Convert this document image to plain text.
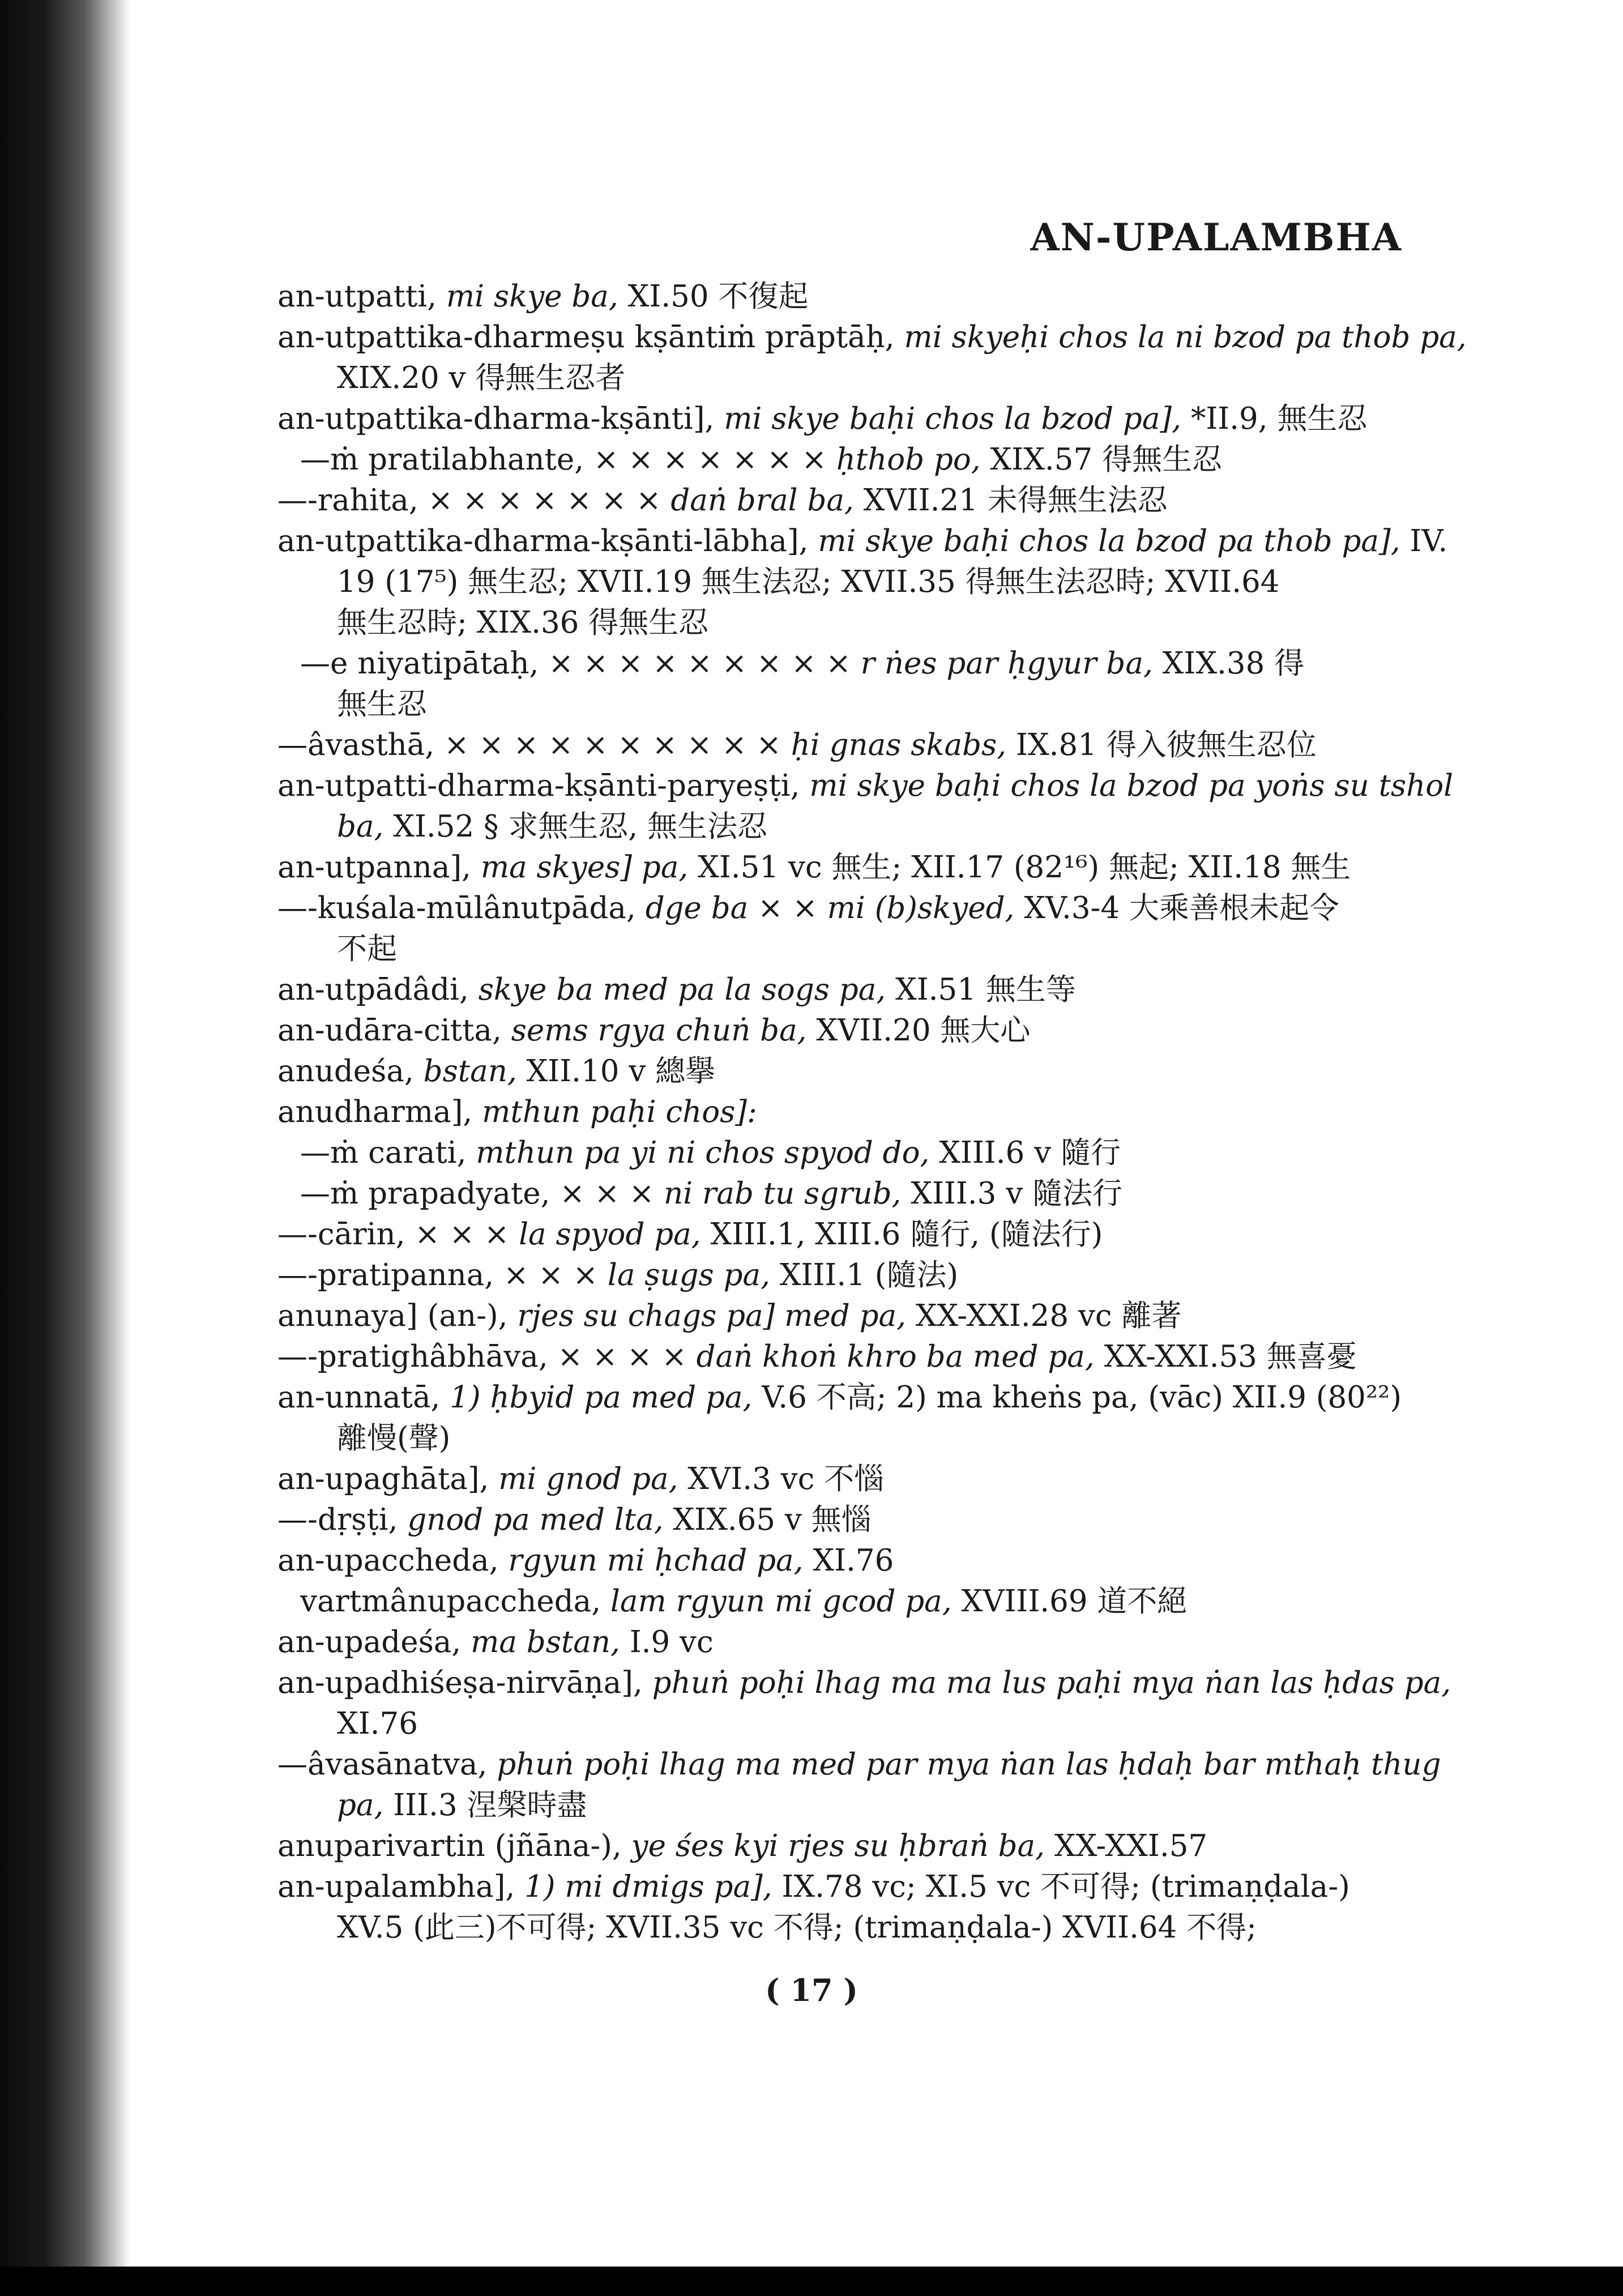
AN-UPALAMBHA
an-utpatti, mi skye ba, XI.50 不復起
an-utpattika-dharmeṣu kṣāntiṁ prāptāḥ, mi skyeḥi chos la ni bzod pa thob pa,
XIX.20 v 得無生忍者
an-utpattika-dharma-kṣānti], mi skye baḥi chos la bzod pa], *II.9, 無生忍
—ṁ pratilabhante, × × × × × × × ḥthob po, XIX.57 得無生忍
—-rahita, × × × × × × × daṅ bral ba, XVII.21 未得無生法忍
an-utpattika-dharma-kṣānti-lābha], mi skye baḥi chos la bzod pa thob pa], IV.
19 (17⁵) 無生忍; XVII.19 無生法忍; XVII.35 得無生法忍時; XVII.64
無生忍時; XIX.36 得無生忍
—e niyatipātaḥ, × × × × × × × × × r ṅes par ḥgyur ba, XIX.38 得
無生忍
—âvasthā, × × × × × × × × × × ḥi gnas skabs, IX.81 得入彼無生忍位
an-utpatti-dharma-kṣānti-paryeṣṭi, mi skye baḥi chos la bzod pa yoṅs su tshol
ba, XI.52 § 求無生忍, 無生法忍
an-utpanna], ma skyes] pa, XI.51 vc 無生; XII.17 (82¹⁶) 無起; XII.18 無生
—-kuśala-mūlânutpāda, dge ba × × mi (b)skyed, XV.3-4 大乘善根未起令
不起
an-utpādâdi, skye ba med pa la sogs pa, XI.51 無生等
an-udāra-citta, sems rgya chuṅ ba, XVII.20 無大心
anudeśa, bstan, XII.10 v 總擧
anudharma], mthun paḥi chos]:
—ṁ carati, mthun pa yi ni chos spyod do, XIII.6 v 隨行
—ṁ prapadyate, × × × ni rab tu sgrub, XIII.3 v 隨法行
—-cārin, × × × la spyod pa, XIII.1, XIII.6 隨行, (隨法行)
—-pratipanna, × × × la ṣugs pa, XIII.1 (隨法)
anunaya] (an-), rjes su chags pa] med pa, XX-XXI.28 vc 離著
—-pratighâbhāva, × × × × daṅ khoṅ khro ba med pa, XX-XXI.53 無喜憂
an-unnatā, 1) ḥbyid pa med pa, V.6 不高; 2) ma kheṅs pa, (vāc) XII.9 (80²²)
離慢(聲)
an-upaghāta], mi gnod pa, XVI.3 vc 不惱
—-dṛṣṭi, gnod pa med lta, XIX.65 v 無惱
an-upaccheda, rgyun mi ḥchad pa, XI.76
vartmânupaccheda, lam rgyun mi gcod pa, XVIII.69 道不絕
an-upadeśa, ma bstan, I.9 vc
an-upadhiśeṣa-nirvāṇa], phuṅ poḥi lhag ma ma lus paḥi mya ṅan las ḥdas pa,
XI.76
—âvasānatva, phuṅ poḥi lhag ma med par mya ṅan las ḥdaḥ bar mthaḥ thug
pa, III.3 涅槃時盡
anuparivartin (jñāna-), ye śes kyi rjes su ḥbraṅ ba, XX-XXI.57
an-upalambha], 1) mi dmigs pa], IX.78 vc; XI.5 vc 不可得; (trimaṇḍala-)
XV.5 (此三)不可得; XVII.35 vc 不得; (trimaṇḍala-) XVII.64 不得;
( 17 )
